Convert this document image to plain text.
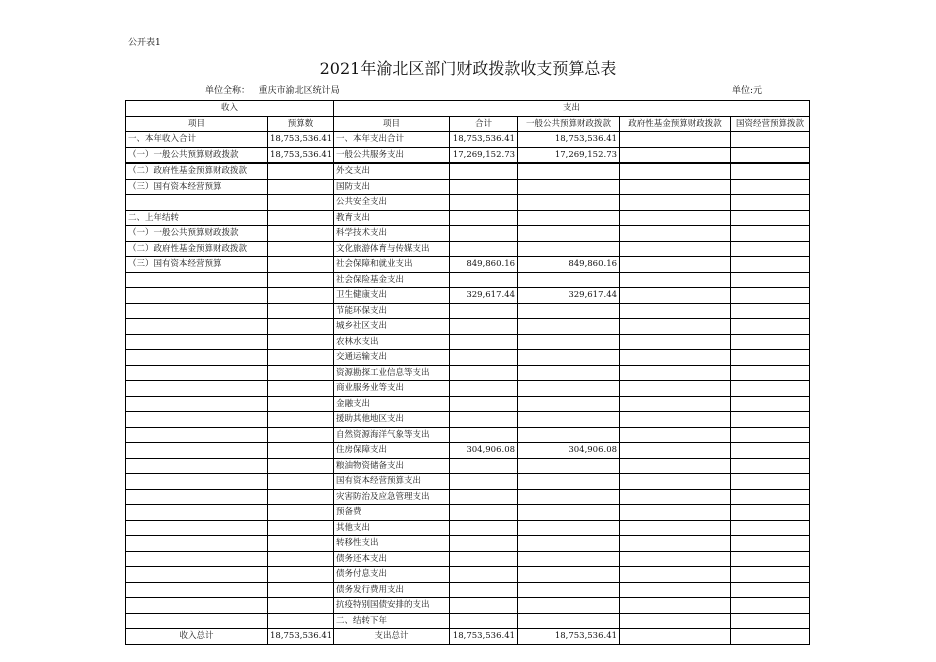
公开表1
2021年渝北区部门财政拨款收支预算总表
单位全称： 重庆市渝北区统计局	单位:元
收入		支出				
项目	预算数	项目	合计	一般公共预算财政拨款	政府性基金预算财政拨款	国资经营预算拨款
一、本年收入合计	18,753,536.41	一、本年支出合计	18,753,536.41	18,753,536.41		
（一）一般公共预算财政拨款	18,753,536.41	一般公共服务支出	17,269,152.73	17,269,152.73		
（二）政府性基金预算财政拨款		外交支出				
（三）国有资本经营预算		国防支出				
		公共安全支出				
二、上年结转		教育支出				
（一）一般公共预算财政拨款		科学技术支出				
（二）政府性基金预算财政拨款		文化旅游体育与传媒支出				
（三）国有资本经营预算		社会保障和就业支出	849,860.16	849,860.16		
		社会保险基金支出				
		卫生健康支出	329,617.44	329,617.44		
		节能环保支出				
		城乡社区支出				
		农林水支出				
		交通运输支出				
		资源勘探工业信息等支出				
		商业服务业等支出				
		金融支出				
		援助其他地区支出				
		自然资源海洋气象等支出				
		住房保障支出	304,906.08	304,906.08		
		粮油物资储备支出				
		国有资本经营预算支出				
		灾害防治及应急管理支出				
		预备费				
		其他支出				
		转移性支出				
		债务还本支出				
		债务付息支出				
		债务发行费用支出				
		抗疫特别国债安排的支出				
		二、结转下年				
收入总计	18,753,536.41	支出总计	18,753,536.41	18,753,536.41		
